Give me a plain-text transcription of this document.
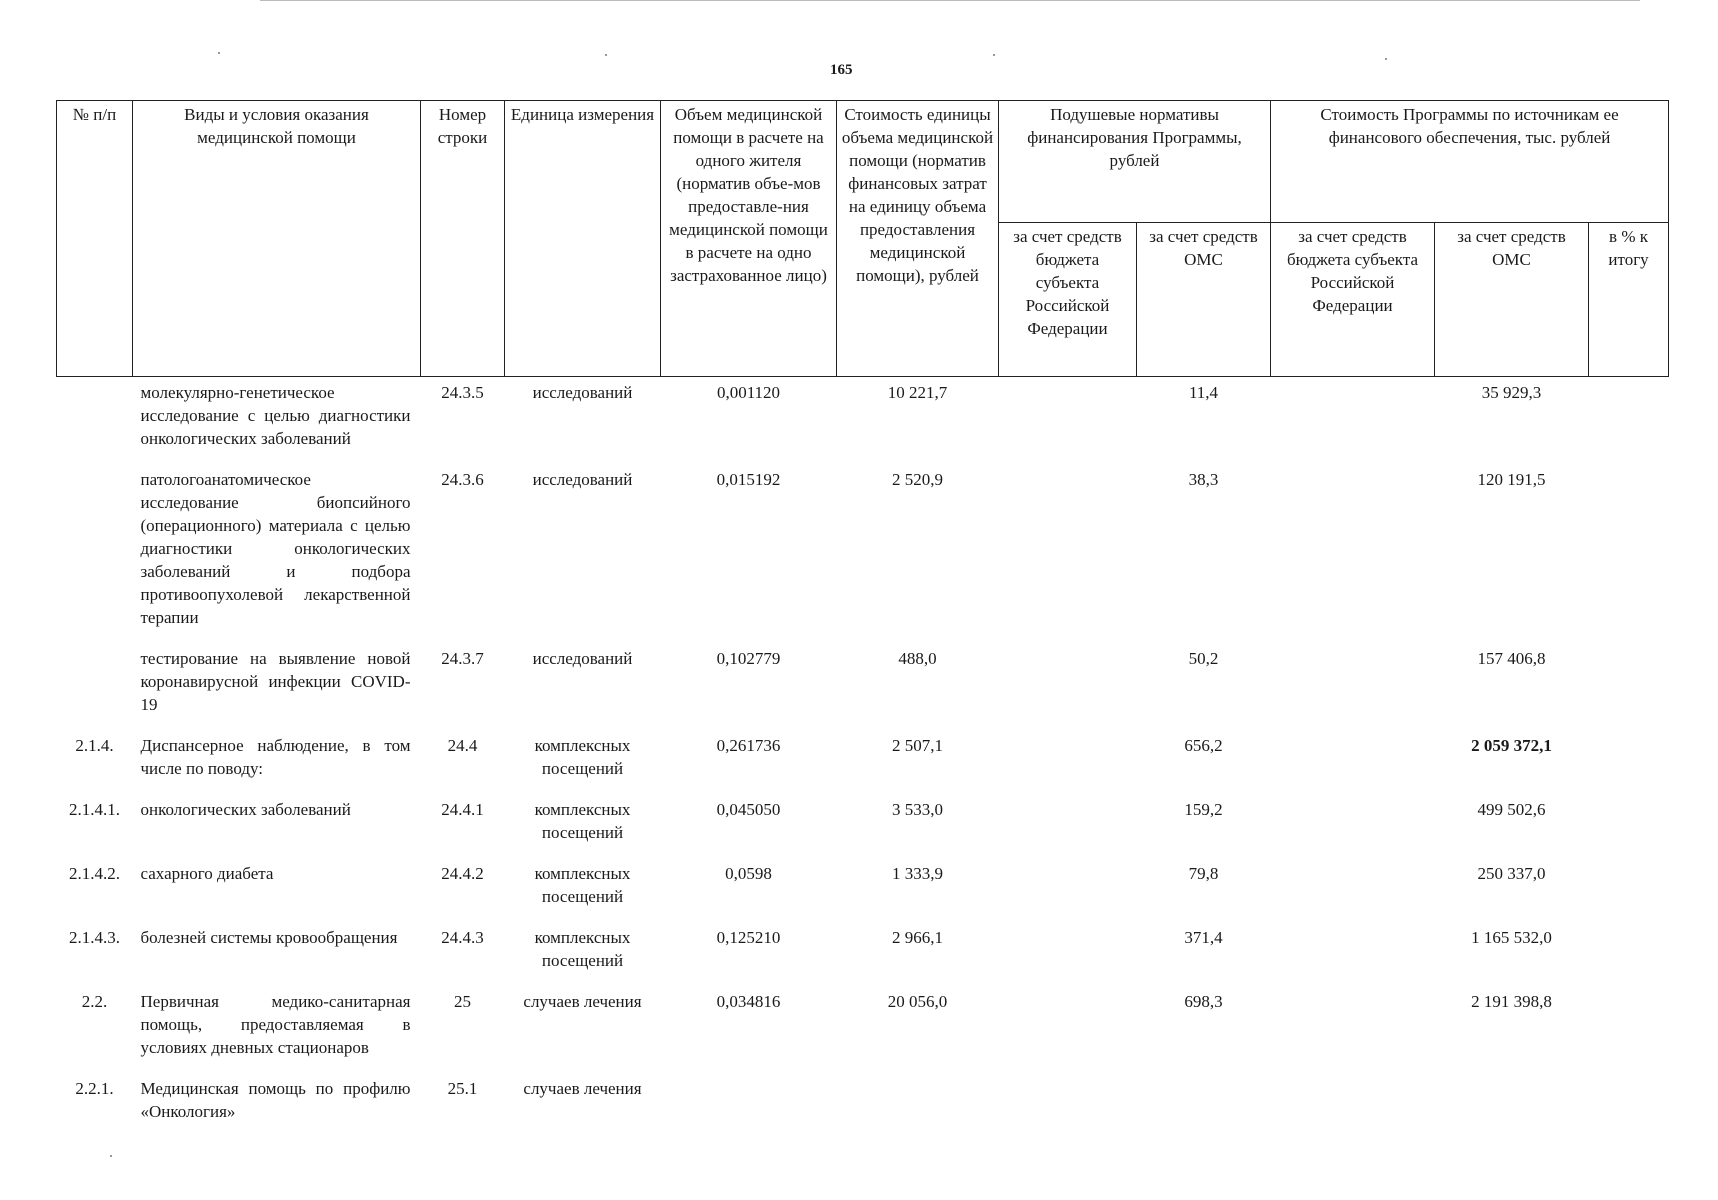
165
№ п/п	Виды и условия оказания медицинской помощи	Номер строки	Единица измерения	Объем медицинской помощи в расчете на одного жителя (норматив объе-мов предоставле-ния медицинской помощи в расчете на одно застрахованное лицо)	Стоимость единицы объема медицинской помощи (норматив финансовых затрат на единицу объема предоставления медицинской помощи), рублей	Подушевые нормативы финансирования Программы, рублей		Стоимость Программы по источникам ее финансового обеспечения, тыс. рублей		
						за счет средств бюджета субъекта Российской Федерации	за счет средств ОМС	за счет средств бюджета субъекта Российской Федерации	за счет средств ОМС	в % к итогу
	молекулярно-генетическое исследование с целью диагностики онкологических заболеваний	24.3.5	исследований	0,001120	10 221,7		11,4		35 929,3	
	патологоанатомическое исследование биопсийного (операционного) материала с целью диагностики онкологических заболеваний и подбора противоопухолевой лекарственной терапии	24.3.6	исследований	0,015192	2 520,9		38,3		120 191,5	
	тестирование на выявление новой коронавирусной инфекции COVID-19	24.3.7	исследований	0,102779	488,0		50,2		157 406,8	
2.1.4.	Диспансерное наблюдение, в том числе по поводу:	24.4	комплексных посещений	0,261736	2 507,1		656,2		2 059 372,1	
2.1.4.1.	онкологических заболеваний	24.4.1	комплексных посещений	0,045050	3 533,0		159,2		499 502,6	
2.1.4.2.	сахарного диабета	24.4.2	комплексных посещений	0,0598	1 333,9		79,8		250 337,0	
2.1.4.3.	болезней системы кровообращения	24.4.3	комплексных посещений	0,125210	2 966,1		371,4		1 165 532,0	
2.2.	Первичная медико-санитарная помощь, предоставляемая в условиях дневных стационаров	25	случаев лечения	0,034816	20 056,0		698,3		2 191 398,8	
2.2.1.	Медицинская помощь по профилю «Онкология»	25.1	случаев лечения							
